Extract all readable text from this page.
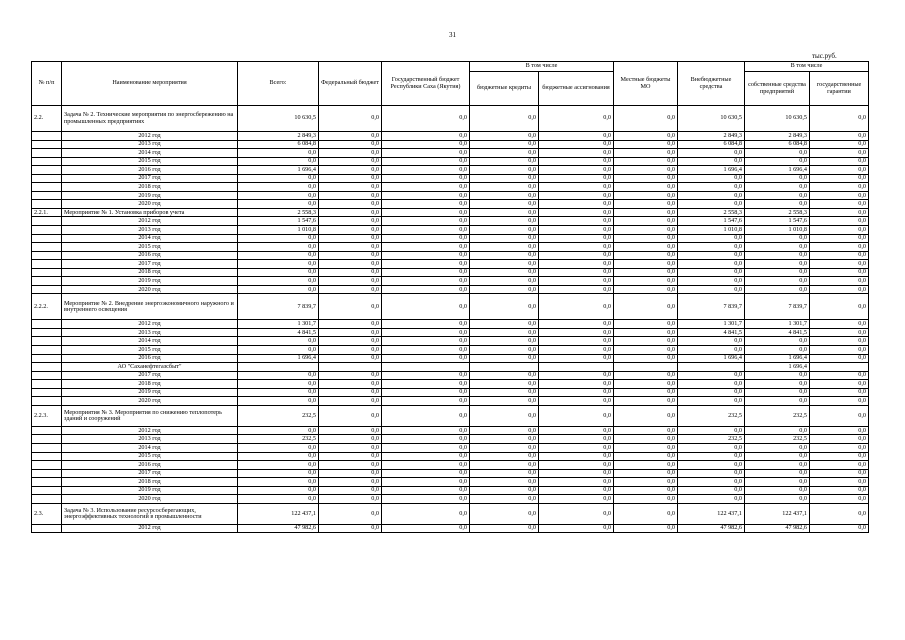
31
тыс.руб.
№ п/п	Наименование мероприятия	Всего:	Федеральный бюджет	Государственный бюджет Республики Саха (Якутия)	В том числе		Местные бюджеты МО	Внебюджетные средства	В том числе	
					бюджетные кредиты	бюджетные ассигнования			собственные средства предприятий	государственные гарантии
2.2.	Задача № 2. Технические мероприятия по энергосбережению на промышленных предприятиях	10 630,5	0,0	0,0	0,0	0,0	0,0	10 630,5	10 630,5	0,0
	2012 год	2 849,3	0,0	0,0	0,0	0,0	0,0	2 849,3	2 849,3	0,0
	2013 год	6 084,8	0,0	0,0	0,0	0,0	0,0	6 084,8	6 084,8	0,0
	2014 год	0,0	0,0	0,0	0,0	0,0	0,0	0,0	0,0	0,0
	2015 год	0,0	0,0	0,0	0,0	0,0	0,0	0,0	0,0	0,0
	2016 год	1 696,4	0,0	0,0	0,0	0,0	0,0	1 696,4	1 696,4	0,0
	2017 год	0,0	0,0	0,0	0,0	0,0	0,0	0,0	0,0	0,0
	2018 год	0,0	0,0	0,0	0,0	0,0	0,0	0,0	0,0	0,0
	2019 год	0,0	0,0	0,0	0,0	0,0	0,0	0,0	0,0	0,0
	2020 год	0,0	0,0	0,0	0,0	0,0	0,0	0,0	0,0	0,0
2.2.1.	Мероприятие № 1. Установка приборов учета	2 558,3	0,0	0,0	0,0	0,0	0,0	2 558,3	2 558,3	0,0
	2012 год	1 547,6	0,0	0,0	0,0	0,0	0,0	1 547,6	1 547,6	0,0
	2013 год	1 010,8	0,0	0,0	0,0	0,0	0,0	1 010,8	1 010,8	0,0
	2014 год	0,0	0,0	0,0	0,0	0,0	0,0	0,0	0,0	0,0
	2015 год	0,0	0,0	0,0	0,0	0,0	0,0	0,0	0,0	0,0
	2016 год	0,0	0,0	0,0	0,0	0,0	0,0	0,0	0,0	0,0
	2017 год	0,0	0,0	0,0	0,0	0,0	0,0	0,0	0,0	0,0
	2018 год	0,0	0,0	0,0	0,0	0,0	0,0	0,0	0,0	0,0
	2019 год	0,0	0,0	0,0	0,0	0,0	0,0	0,0	0,0	0,0
	2020 год	0,0	0,0	0,0	0,0	0,0	0,0	0,0	0,0	0,0
2.2.2.	Мероприятие № 2. Внедрение энергоэкономичного наружного и внутреннего освещения	7 839,7	0,0	0,0	0,0	0,0	0,0	7 839,7	7 839,7	0,0
	2012 год	1 301,7	0,0	0,0	0,0	0,0	0,0	1 301,7	1 301,7	0,0
	2013 год	4 841,5	0,0	0,0	0,0	0,0	0,0	4 841,5	4 841,5	0,0
	2014 год	0,0	0,0	0,0	0,0	0,0	0,0	0,0	0,0	0,0
	2015 год	0,0	0,0	0,0	0,0	0,0	0,0	0,0	0,0	0,0
	2016 год	1 696,4	0,0	0,0	0,0	0,0	0,0	1 696,4	1 696,4	0,0
	АО "Саханефтегазсбыт"								1 696,4	
	2017 год	0,0	0,0	0,0	0,0	0,0	0,0	0,0	0,0	0,0
	2018 год	0,0	0,0	0,0	0,0	0,0	0,0	0,0	0,0	0,0
	2019 год	0,0	0,0	0,0	0,0	0,0	0,0	0,0	0,0	0,0
	2020 год	0,0	0,0	0,0	0,0	0,0	0,0	0,0	0,0	0,0
2.2.3.	Мероприятия № 3. Мероприятия по снижению теплопотерь зданий и сооружений	232,5	0,0	0,0	0,0	0,0	0,0	232,5	232,5	0,0
	2012 год	0,0	0,0	0,0	0,0	0,0	0,0	0,0	0,0	0,0
	2013 год	232,5	0,0	0,0	0,0	0,0	0,0	232,5	232,5	0,0
	2014 год	0,0	0,0	0,0	0,0	0,0	0,0	0,0	0,0	0,0
	2015 год	0,0	0,0	0,0	0,0	0,0	0,0	0,0	0,0	0,0
	2016 год	0,0	0,0	0,0	0,0	0,0	0,0	0,0	0,0	0,0
	2017 год	0,0	0,0	0,0	0,0	0,0	0,0	0,0	0,0	0,0
	2018 год	0,0	0,0	0,0	0,0	0,0	0,0	0,0	0,0	0,0
	2019 год	0,0	0,0	0,0	0,0	0,0	0,0	0,0	0,0	0,0
	2020 год	0,0	0,0	0,0	0,0	0,0	0,0	0,0	0,0	0,0
2.3.	Задача № 3. Использование ресурсосберегающих, энергоэффективных технологий в промышленности	122 437,1	0,0	0,0	0,0	0,0	0,0	122 437,1	122 437,1	0,0
	2012 год	47 982,6	0,0	0,0	0,0	0,0	0,0	47 982,6	47 982,6	0,0
